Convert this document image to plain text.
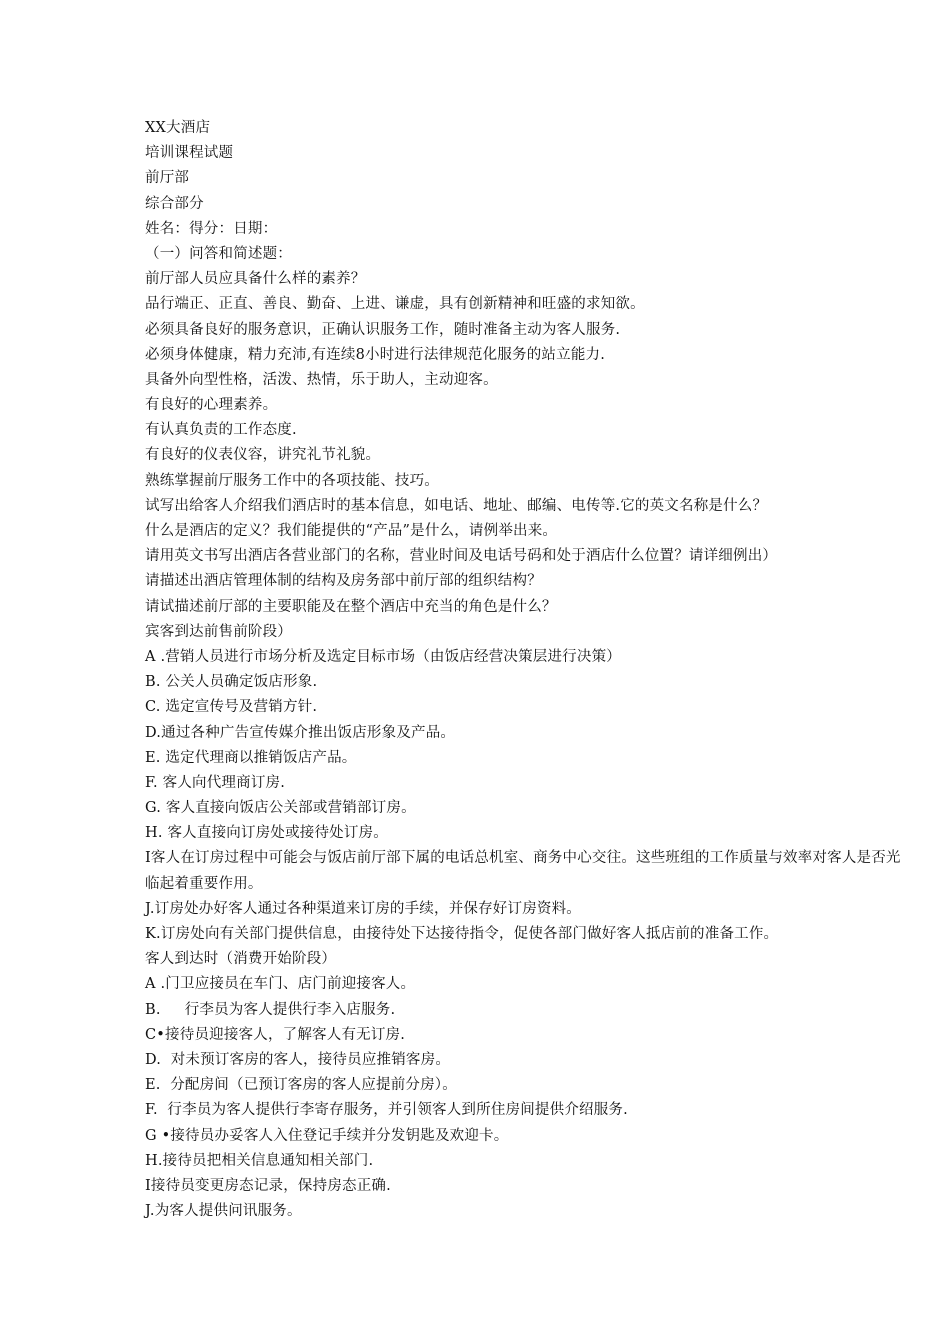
XX大酒店
培训课程试题
前厅部
综合部分
姓名：得分：日期：
（一）问答和简述题：
前厅部人员应具备什么样的素养？
品行端正、正直、善良、勤奋、上进、谦虚，具有创新精神和旺盛的求知欲。
必须具备良好的服务意识，正确认识服务工作，随时准备主动为客人服务.
必须身体健康，精力充沛,有连续8小时进行法律规范化服务的站立能力.
具备外向型性格，活泼、热情，乐于助人，主动迎客。
有良好的心理素养。
有认真负责的工作态度.
有良好的仪表仪容，讲究礼节礼貌。
熟练掌握前厅服务工作中的各项技能、技巧。
试写出给客人介绍我们酒店时的基本信息，如电话、地址、邮编、电传等.它的英文名称是什么？
什么是酒店的定义？我们能提供的“产品”是什么，请例举出来。
请用英文书写出酒店各营业部门的名称，营业时间及电话号码和处于酒店什么位置？请详细例出）
请描述出酒店管理体制的结构及房务部中前厅部的组织结构？
请试描述前厅部的主要职能及在整个酒店中充当的角色是什么？
宾客到达前售前阶段）
A .营销人员进行市场分析及选定目标市场（由饭店经营决策层进行决策）
B. 公关人员确定饭店形象.
C. 选定宣传号及营销方针.
D.通过各种广告宣传媒介推出饭店形象及产品。
E. 选定代理商以推销饭店产品。
F. 客人向代理商订房.
G. 客人直接向饭店公关部或营销部订房。
H. 客人直接向订房处或接待处订房。
I客人在订房过程中可能会与饭店前厅部下属的电话总机室、商务中心交往。这些班组的工作质量与效率对客人是否光临起着重要作用。
J.订房处办好客人通过各种渠道来订房的手续，并保存好订房资料。
K.订房处向有关部门提供信息，由接待处下达接待指令，促使各部门做好客人抵店前的准备工作。
客人到达时（消费开始阶段）
A .门卫应接员在车门、店门前迎接客人。
B.     行李员为客人提供行李入店服务.
C•接待员迎接客人，了解客人有无订房.
D.  对未预订客房的客人，接待员应推销客房。
E.  分配房间（已预订客房的客人应提前分房）。
F.  行李员为客人提供行李寄存服务，并引领客人到所住房间提供介绍服务.
G •接待员办妥客人入住登记手续并分发钥匙及欢迎卡。
H.接待员把相关信息通知相关部门.
I接待员变更房态记录，保持房态正确.
J.为客人提供问讯服务。
